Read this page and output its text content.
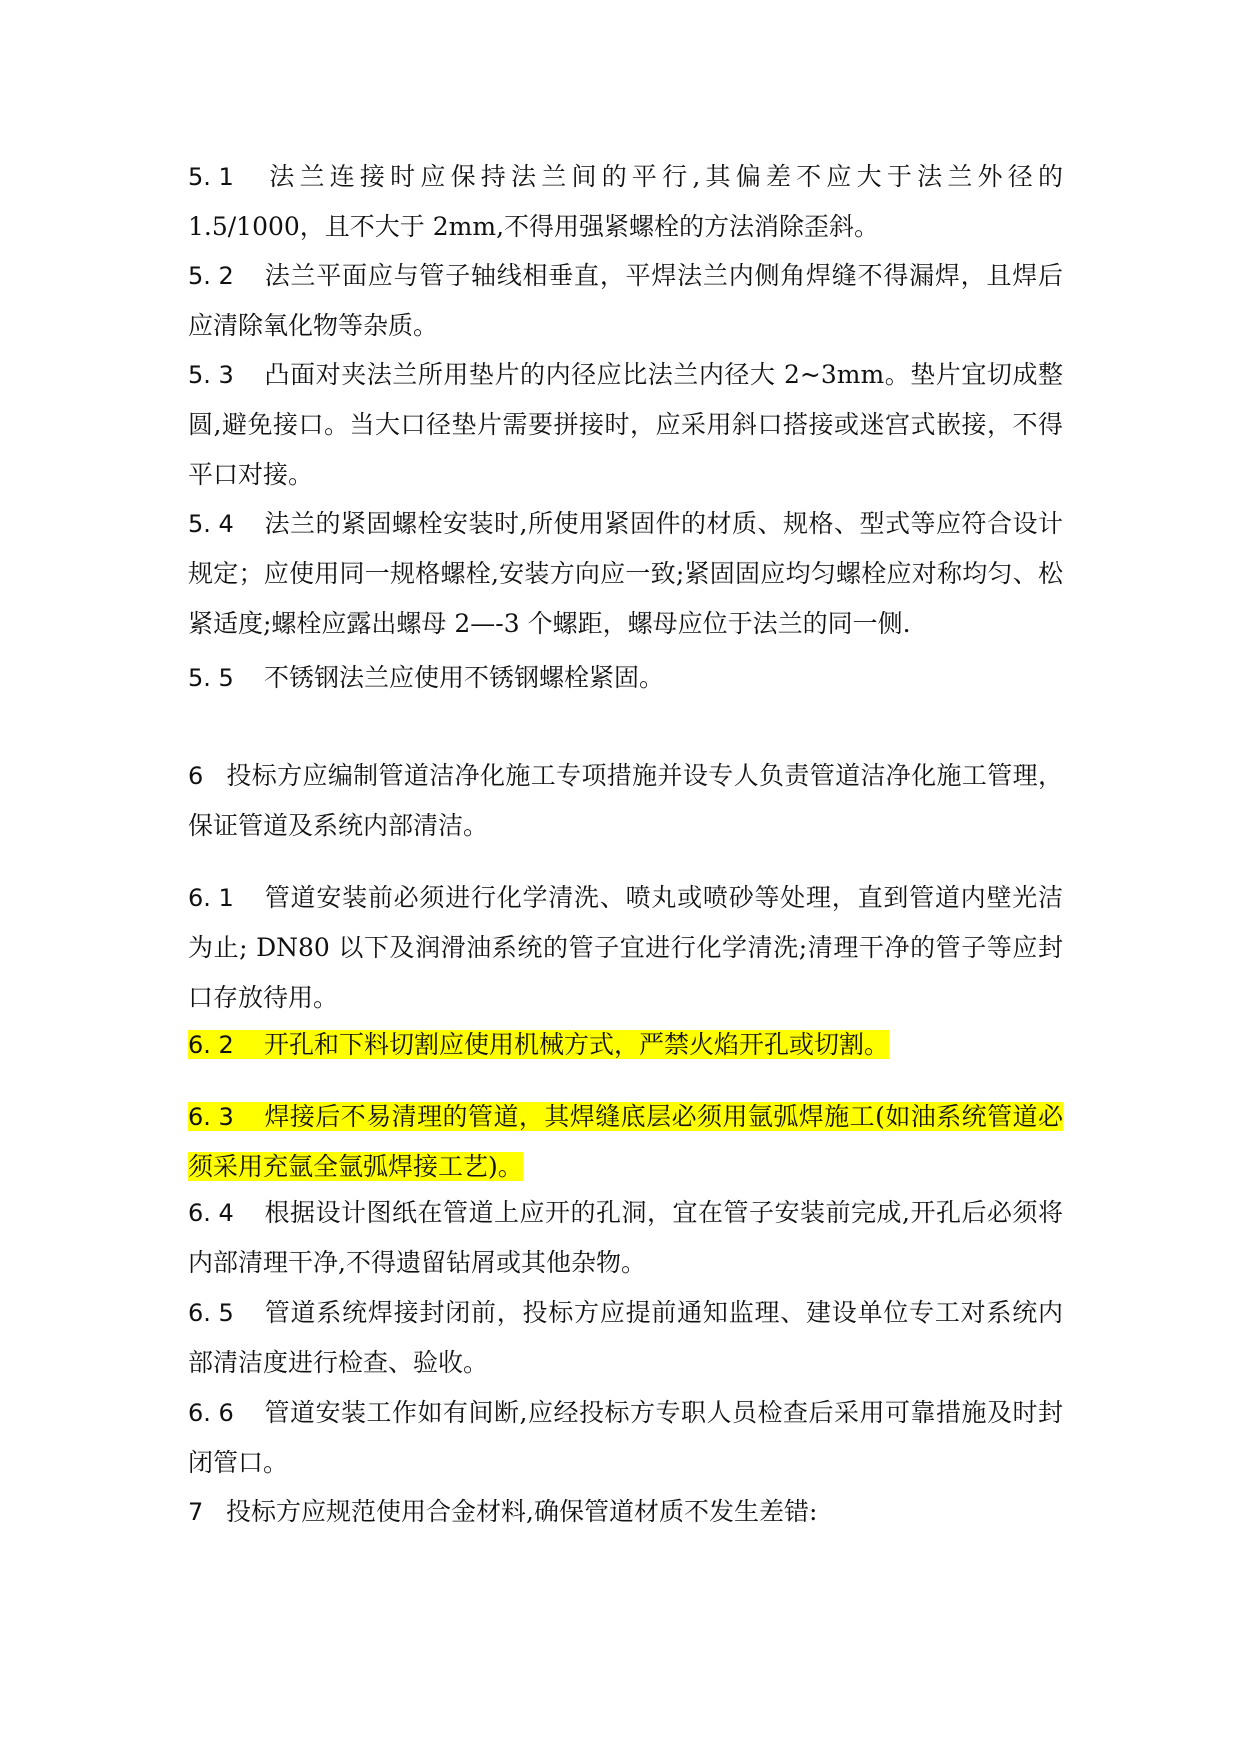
5. 1 法兰连接时应保持法兰间的平行,其偏差不应大于法兰外径的 1.5/1000，且不大于 2mm,不得用强紧螺栓的方法消除歪斜。

5. 2 法兰平面应与管子轴线相垂直，平焊法兰内侧角焊缝不得漏焊，且焊后应清除氧化物等杂质。

5. 3 凸面对夹法兰所用垫片的内径应比法兰内径大 2~3mm。垫片宜切成整圆,避免接口。当大口径垫片需要拼接时，应采用斜口搭接或迷宫式嵌接，不得平口对接。

5. 4 法兰的紧固螺栓安装时,所使用紧固件的材质、规格、型式等应符合设计规定；应使用同一规格螺栓,安装方向应一致;紧固固应均匀螺栓应对称均匀、松紧适度;螺栓应露出螺母 2—-3 个螺距，螺母应位于法兰的同一侧.

5. 5 不锈钢法兰应使用不锈钢螺栓紧固。

6 投标方应编制管道洁净化施工专项措施并设专人负责管道洁净化施工管理，保证管道及系统内部清洁。

6. 1 管道安装前必须进行化学清洗、喷丸或喷砂等处理，直到管道内壁光洁为止; DN80 以下及润滑油系统的管子宜进行化学清洗;清理干净的管子等应封口存放待用。

6. 2 开孔和下料切割应使用机械方式，严禁火焰开孔或切割。

6. 3 焊接后不易清理的管道，其焊缝底层必须用氩弧焊施工(如油系统管道必须采用充氩全氩弧焊接工艺)。

6. 4 根据设计图纸在管道上应开的孔洞，宜在管子安装前完成,开孔后必须将内部清理干净,不得遗留钻屑或其他杂物。

6. 5 管道系统焊接封闭前，投标方应提前通知监理、建设单位专工对系统内部清洁度进行检查、验收。

6. 6 管道安装工作如有间断,应经投标方专职人员检查后采用可靠措施及时封闭管口。

7 投标方应规范使用合金材料,确保管道材质不发生差错:
